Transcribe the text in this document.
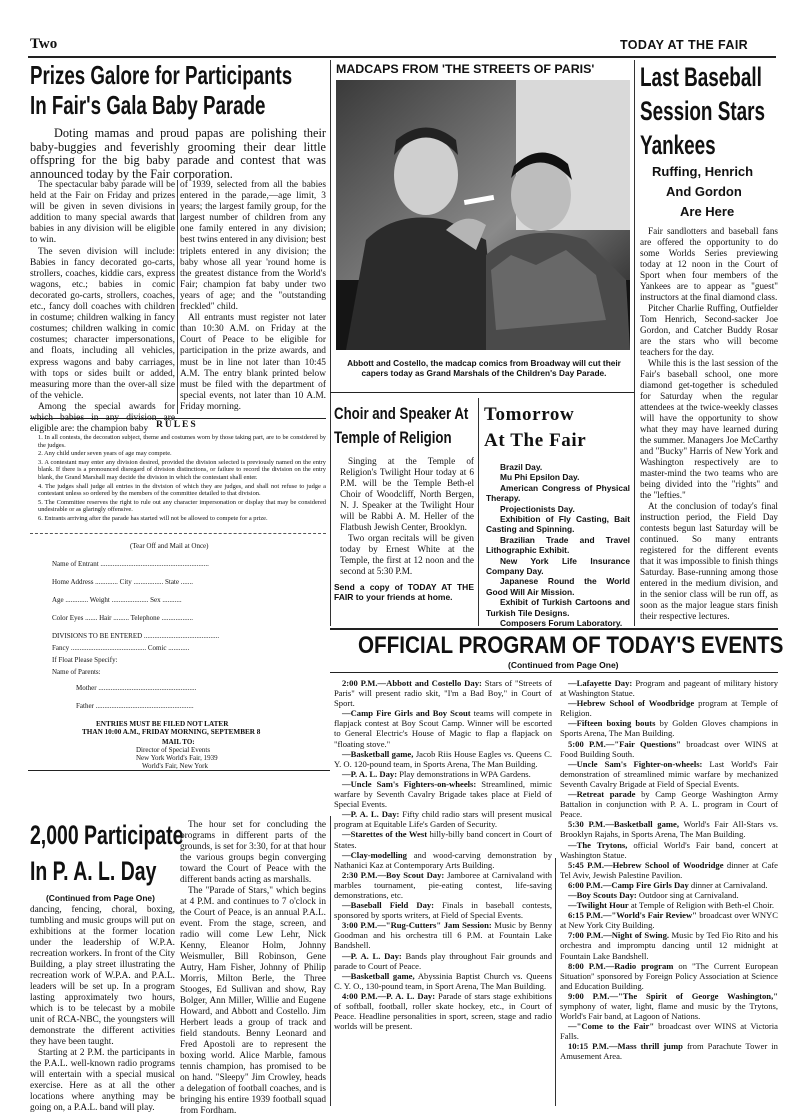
Two	TODAY AT THE FAIR
Prizes Galore for Participants
In Fair's Gala Baby Parade
Doting mamas and proud papas are polishing their baby-buggies and feverishly grooming their dear little offspring for the big baby parade and contest that was announced today by the Fair corporation.

The spectacular baby parade will be held at the Fair on Friday and prizes will be given in seven divisions in addition to many special awards that babies in any division will be eligible to win.

The seven division will include: Babies in fancy decorated go-carts, strollers, coaches, kiddie cars, express wagons, etc.; babies in comic decorated go-carts, strollers, coaches, etc., fancy doll coaches with children in costume; children walking in fancy costumes; children walking in comic costumes; character impersonations, and floats, including all vehicles, express wagons and baby carriages, with tops or sides built or added, measuring more than the over-all size of the vehicle.

Among the special awards for which babies in any division are eligible are: the champion baby

of 1939, selected from all the babies entered in the parade,—age limit, 3 years; the largest family group, for the largest number of children from any one family entered in any division; best twins entered in any division; best triplets entered in any division; the baby whose all year 'round home is the greatest distance from the World's Fair; champion fat baby under two years of age; and the "outstanding freckled" child.

All entrants must register not later than 10:30 A.M. on Friday at the Court of Peace to be eligible for participation in the prize awards, and must be in line not later than 10:45 A.M. The entry blank printed below must be filed with the department of special events, not later than 10 A.M. Friday morning.

RULES
1. In all contests, the decoration subject, theme and costumes worn by those taking part, are to be considered by the judges.
2. Any child under seven years of age may compete.
3. A contestant may enter any division desired, provided the division selected is previously named on the entry blank. If there is a pronounced disregard of division distinctions, or failure to record the division on the entry blank, the Grand Marshall may decide the division in which the contestant shall enter.
4. The judges shall judge all entries in the division of which they are judges, and shall not refuse to judge a contestant unless so ordered by the members of the committee detailed to that division.
5. The Committee reserves the right to rule out any character impersonation or display that may be considered undesirable or as glaringly offensive.
6. Entrants arriving after the parade has started will not be allowed to compete for a prize.
(Tear Off and Mail at Once)
Name of Entrant ..............................................................
Home Address ............. City ................. State .......
Age ............. Weight ..................... Sex ...........
Color Eyes ....... Hair ......... Telephone ..................
DIVISIONS TO BE ENTERED ...........................................
Fancy ........................................... Comic ............
If Float Please Specify:
Name of Parents:
Mother ........................................................
Father ........................................................
ENTRIES MUST BE FILED NOT LATER
THAN 10:00 A.M., FRIDAY MORNING, SEPTEMBER 8
MAIL TO:
Director of Special Events
New York World's Fair, 1939
World's Fair, New York
MADCAPS FROM 'THE STREETS OF PARIS'
Abbott and Costello, the madcap comics from Broadway will cut their capers today as Grand Marshals of the Children's Day Parade.
Choir and Speaker At
Temple of Religion

Singing at the Temple of Religion's Twilight Hour today at 6 P.M. will be the Temple Beth-el Choir of Woodcliff, North Bergen, N. J. Speaker at the Twilight Hour will be Rabbi A. M. Heller of the Flatbush Jewish Center, Brooklyn.

Two organ recitals will be given today by Ernest White at the Temple, the first at 12 noon and the second at 5:30 P.M.

Send a copy of TODAY AT THE FAIR to your friends at home.
Tomorrow
At The Fair
Brazil Day.
Mu Phi Epsilon Day.
American Congress of Physical Therapy.
Projectionists Day.
Exhibition of Fly Casting, Bait Casting and Spinning.
Brazilian Trade and Travel Lithographic Exhibit.
New York Life Insurance Company Day.
Japanese Round the World Good Will Air Mission.
Exhibit of Turkish Cartoons and Turkish Tile Designs.
Composers Forum Laboratory.
Last Baseball
Session Stars
Yankees
Ruffing, Henrich
And Gordon
Are Here

Fair sandlotters and baseball fans are offered the opportunity to do some Worlds Series previewing today at 12 noon in the Court of Sport when four members of the Yankees are to appear as "guest" instructors at the final diamond class.

Pitcher Charlie Ruffing, Outfielder Tom Henrich, Second-sacker Joe Gordon, and Catcher Buddy Rosar are the stars who will become teachers for the day.

While this is the last session of the Fair's baseball school, one more diamond get-together is scheduled for Saturday when the regular attendees at the twice-weekly classes will have the opportunity to show what they may have learned during the summer. Managers Joe McCarthy and "Bucky" Harris of New York and Washington respectively are to master-mind the two teams who are being divided into the "rights" and the "lefties."

At the conclusion of today's final instruction period, the Field Day contests begun last Saturday will be continued. So many entrants registered for the different events that it was impossible to finish things Saturday. Base-running among those entered in the medium division, and in the senior class will be run off, as soon as the major league stars finish their respective lectures.

OFFICIAL PROGRAM OF TODAY'S EVENTS
(Continued from Page One)

2:00 P.M.—Abbott and Costello Day: Stars of "Streets of Paris" will present radio skit, "I'm a Bad Boy," in Court of Sport.

—Camp Fire Girls and Boy Scout teams will compete in flapjack contest at Boy Scout Camp. Winner will be escorted to General Electric's House of Magic to flap a flapjack on "floating stove."

—Basketball game, Jacob Riis House Eagles vs. Queens C. Y. O. 120-pound team, in Sports Arena, The Man Building.

—P. A. L. Day: Play demonstrations in WPA Gardens.

—Uncle Sam's Fighters-on-wheels: Streamlined, mimic warfare by Seventh Cavalry Brigade takes place at Field of Special Events.

—P. A. L. Day: Fifty child radio stars will present musical program at Equitable Life's Garden of Security.

—Starettes of the West hilly-billy band concert in Court of States.

—Clay-modelling and wood-carving demonstration by Nathanici Kaz at Contemporary Arts Building.

2:30 P.M.—Boy Scout Day: Jamboree at Carnivaland with marbles tournament, pie-eating contest, life-saving demonstrations, etc.

—Baseball Field Day: Finals in baseball contests, sponsored by sports writers, at Field of Special Events.

3:00 P.M.—"Rug-Cutters" Jam Session: Music by Benny Goodman and his orchestra till 6 P.M. at Fountain Lake Bandshell.

—P. A. L. Day: Bands play throughout Fair grounds and parade to Court of Peace.

—Basketball game, Abyssinia Baptist Church vs. Queens C. Y. O., 130-pound team, in Sport Arena, The Man Building.

4:00 P.M.—P. A. L. Day: Parade of stars stage exhibitions of softball, football, roller skate hockey, etc., in Court of Peace. Headline personalities in sport, screen, stage and radio worlds will be present.

—Lafayette Day: Program and pageant of military history at Washington Statue.

—Hebrew School of Woodbridge program at Temple of Religion.

—Fifteen boxing bouts by Golden Gloves champions in Sports Arena, The Man Building.

5:00 P.M.—"Fair Questions" broadcast over WINS at Food Building South.

—Uncle Sam's Fighter-on-wheels: Last World's Fair demonstration of streamlined mimic warfare by mechanized Seventh Cavalry Brigade at Field of Special Events.

—Retreat parade by Camp George Washington Army Battalion in conjunction with P. A. L. program in Court of Peace.

5:30 P.M.—Basketball game, World's Fair All-Stars vs. Brooklyn Rajahs, in Sports Arena, The Man Building.

—The Trytons, official World's Fair band, concert at Washington Statue.

5:45 P.M.—Hebrew School of Woodridge dinner at Cafe Tel Aviv, Jewish Palestine Pavilion.

6:00 P.M.—Camp Fire Girls Day dinner at Carnivaland.

—Boy Scouts Day: Outdoor sing at Carnivaland.

—Twilight Hour at Temple of Religion with Beth-el Choir.

6:15 P.M.—"World's Fair Review" broadcast over WNYC at New York City Building.

7:00 P.M.—Night of Swing. Music by Ted Fio Rito and his orchestra and impromptu dancing until 12 midnight at Fountain Lake Bandshell.

8:00 P.M.—Radio program on "The Current European Situation" sponsored by Foreign Policy Association at Science and Education Building.

9:00 P.M.—"The Spirit of George Washington," symphony of water, light, flame and music by the Trytons, World's Fair band, at Lagoon of Nations.

—"Come to the Fair" broadcast over WINS at Victoria Falls.

10:15 P.M.—Mass thrill jump from Parachute Tower in Amusement Area.

2,000 Participate
In P. A. L. Day
(Continued from Page One)

dancing, fencing, choral, boxing, tumbling and music groups will put on exhibitions at the former location under the leadership of W.P.A. recreation workers. In front of the City Building, a play street illustrating the recreation work of W.P.A. and P.A.L. leaders will be set up. In a program lasting approximately two hours, which is to be telecast by a mobile unit of RCA-NBC, the youngsters will demonstrate the different activities they have been taught.

Starting at 2 P.M. the participants in the P.A.L. well-known radio programs will entertain with a special musical exercise. Here as at all the other locations where anything may be going on, a P.A.L. band will play.

The hour set for concluding the programs in different parts of the grounds, is set for 3:30, for at that hour the various groups begin converging toward the Court of Peace with the different bands acting as marshalls.

The "Parade of Stars," which begins at 4 P.M. and continues to 7 o'clock in the Court of Peace, is an annual P.A.L. event. From the stage, screen, and radio will come Lew Lehr, Nick Kenny, Eleanor Holm, Johnny Weismuller, Bill Robinson, Gene Autry, Ham Fisher, Johnny of Philip Morris, Milton Berle, the Three Stooges, Ed Sullivan and show, Ray Bolger, Ann Miller, Willie and Eugene Howard, and Abbott and Costello. Jim Herbert leads a group of track and field standouts. Benny Leonard and Fred Apostoli are to represent the boxing world. Alice Marble, famous tennis champion, has promised to be on hand. "Sleepy" Jim Crowley, heads a delegation of football coaches, and is bringing his entire 1939 football squad from Fordham.
